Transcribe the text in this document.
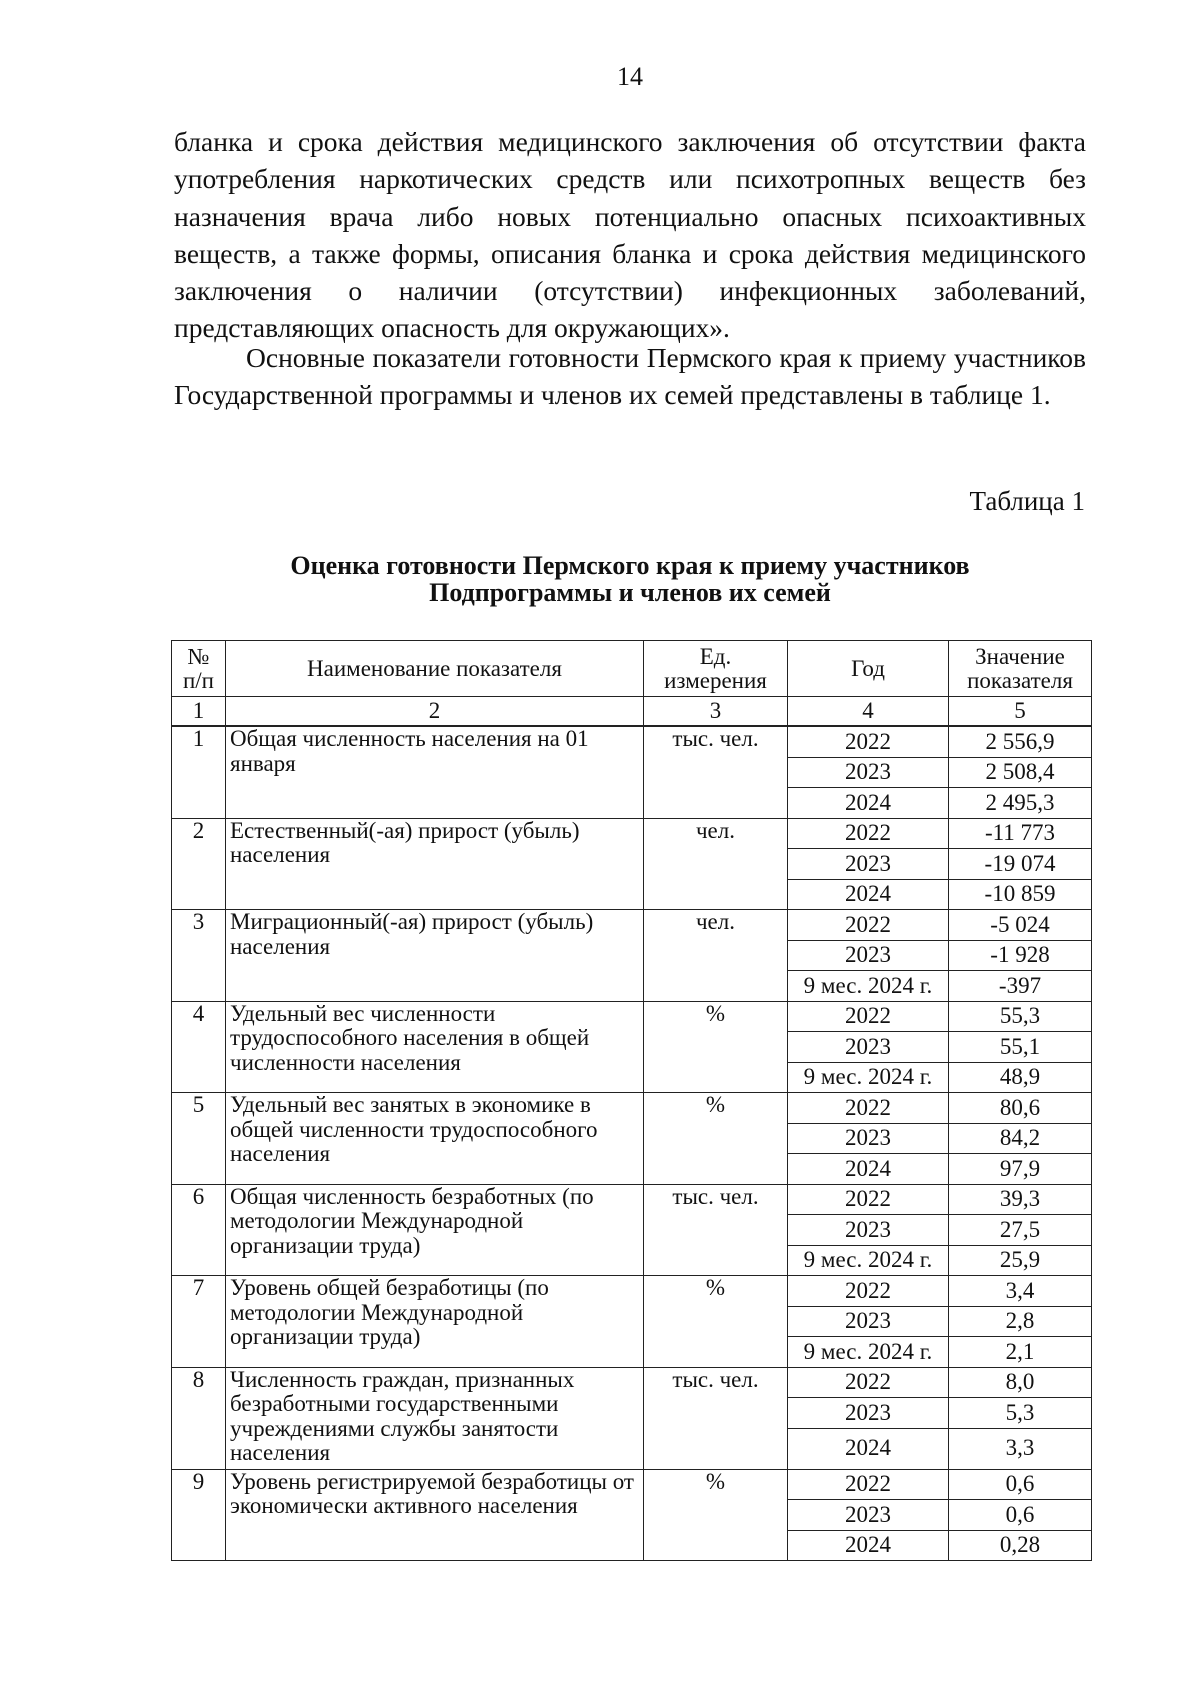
14

бланка и срока действия медицинского заключения об отсутствии факта употребления наркотических средств или психотропных веществ без назначения врача либо новых потенциально опасных психоактивных веществ, а также формы, описания бланка и срока действия медицинского заключения о наличии (отсутствии) инфекционных заболеваний, представляющих опасность для окружающих».

Основные показатели готовности Пермского края к приему участников Государственной программы и членов их семей представлены в таблице 1.

Таблица 1
Оценка готовности Пермского края к приему участников
Подпрограммы и членов их семей
№ п/п	Наименование показателя	Ед. измерения	Год	Значение показателя
1	2	3	4	5
1	Общая численность населения на 01 января	тыс. чел.	2022	2 556,9
			2023	2 508,4
			2024	2 495,3
2	Естественный(-ая) прирост (убыль) населения	чел.	2022	-11 773
			2023	-19 074
			2024	-10 859
3	Миграционный(-ая) прирост (убыль) населения	чел.	2022	-5 024
			2023	-1 928
			9 мес. 2024 г.	-397
4	Удельный вес численности трудоспособного населения в общей численности населения	%	2022	55,3
			2023	55,1
			9 мес. 2024 г.	48,9
5	Удельный вес занятых в экономике в общей численности трудоспособного населения	%	2022	80,6
			2023	84,2
			2024	97,9
6	Общая численность безработных (по методологии Международной организации труда)	тыс. чел.	2022	39,3
			2023	27,5
			9 мес. 2024 г.	25,9
7	Уровень общей безработицы (по методологии Международной организации труда)	%	2022	3,4
			2023	2,8
			9 мес. 2024 г.	2,1
8	Численность граждан, признанных безработными государственными учреждениями службы занятости населения	тыс. чел.	2022	8,0
			2023	5,3
			2024	3,3
9	Уровень регистрируемой безработицы от экономически активного населения	%	2022	0,6
			2023	0,6
			2024	0,28
